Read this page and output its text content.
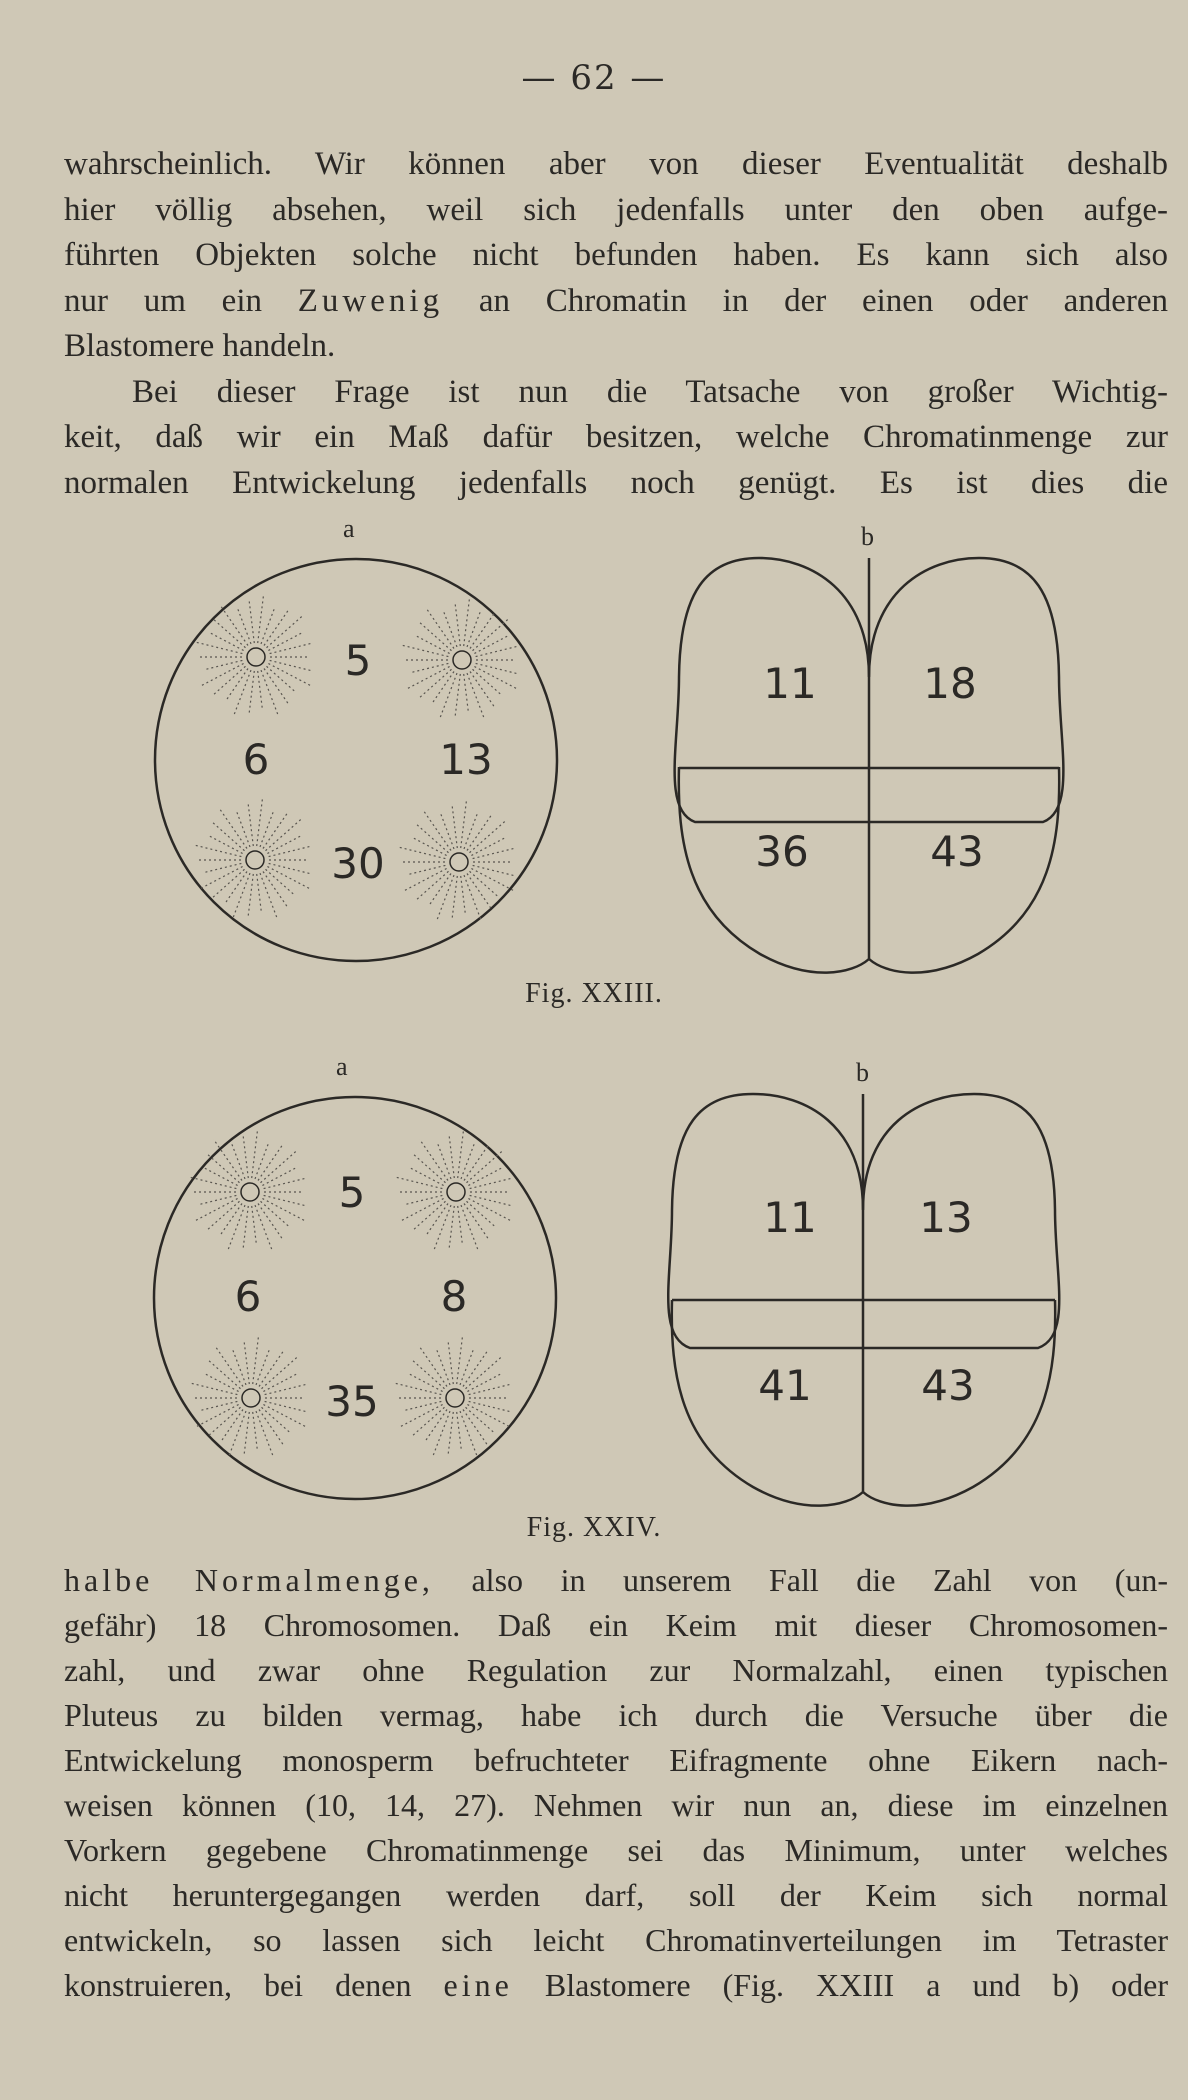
— 62 —
wahrscheinlich. Wir können aber von dieser Eventualität deshalb
hier völlig absehen, weil sich jedenfalls unter den oben aufge-
führten Objekten solche nicht befunden haben. Es kann sich also
nur um ein Zuwenig an Chromatin in der einen oder anderen
Blastomere handeln.
Bei dieser Frage ist nun die Tatsache von großer Wichtig-
keit, daß wir ein Maß dafür besitzen, welche Chromatinmenge zur
normalen Entwickelung jedenfalls noch genügt. Es ist dies die
a	b
5
6	13
30
11	18
36	43
Fig. XXIII.
a	b
5
6	8
35
11 13
41	43
Fig. XXIV.
halbe Normalmenge, also in unserem Fall die Zahl von (un-
gefähr) 18 Chromosomen. Daß ein Keim mit dieser Chromosomen-
zahl, und zwar ohne Regulation zur Normalzahl, einen typischen
Pluteus zu bilden vermag, habe ich durch die Versuche über die
Entwickelung monosperm befruchteter Eifragmente ohne Eikern nach-
weisen können (10, 14, 27). Nehmen wir nun an, diese im einzelnen
Vorkern gegebene Chromatinmenge sei das Minimum, unter welches
nicht heruntergegangen werden darf, soll der Keim sich normal
entwickeln, so lassen sich leicht Chromatinverteilungen im Tetraster
konstruieren, bei denen eine Blastomere (Fig. XXIII a und b) oder
